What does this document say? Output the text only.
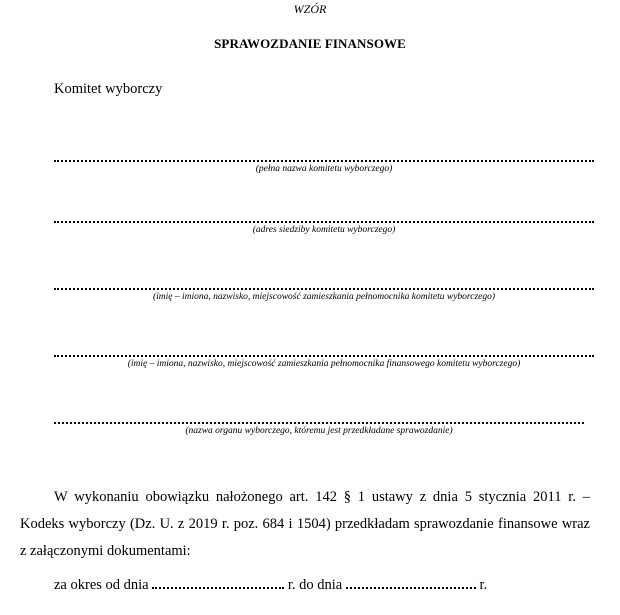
WZÓR
SPRAWOZDANIE FINANSOWE
Komitet wyborczy
(pełna nazwa komitetu wyborczego)
(adres siedziby komitetu wyborczego)
(imię – imiona, nazwisko, miejscowość zamieszkania pełnomocnika komitetu wyborczego)
(imię – imiona, nazwisko, miejscowość zamieszkania pełnomocnika finansowego komitetu wyborczego)
(nazwa organu wyborczego, któremu jest przedkładane sprawozdanie)
W wykonaniu obowiązku nałożonego art. 142 § 1 ustawy z dnia 5 stycznia 2011 r. – Kodeks wyborczy (Dz. U. z 2019 r. poz. 684 i 1504) przedkładam sprawozdanie finansowe wraz z załączonymi dokumentami:
za okres od dnia	r. do dnia	r.
